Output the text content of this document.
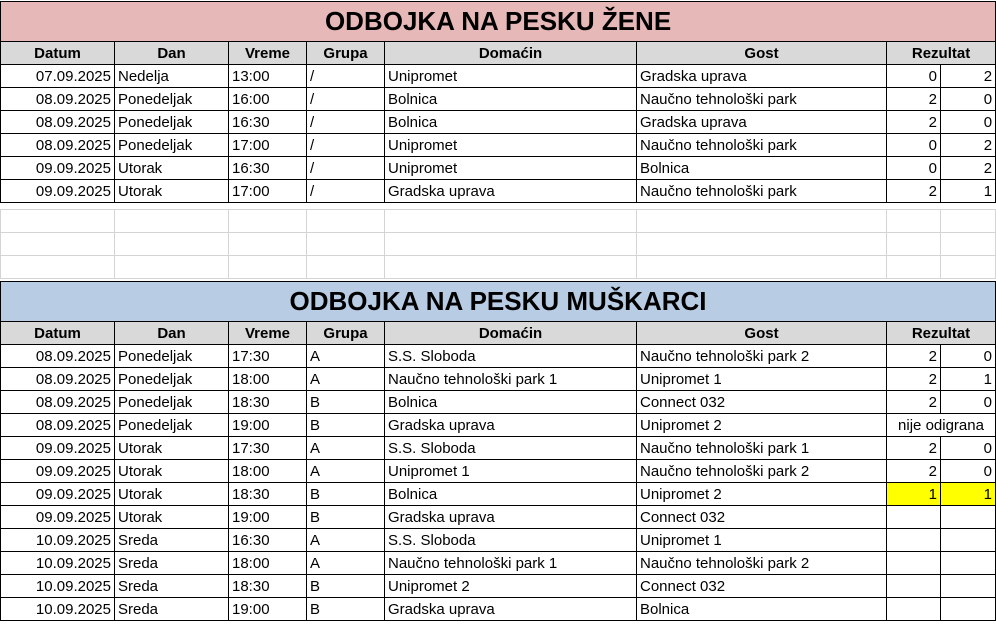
ODBOJKA NA PESKU ŽENE							
Datum	Dan	Vreme	Grupa	Domaćin	Gost	Rezultat	
07.09.2025	Nedelja	13:00	/	Unipromet	Gradska uprava	0	2
08.09.2025	Ponedeljak	16:00	/	Bolnica	Naučno tehnološki park	2	0
08.09.2025	Ponedeljak	16:30	/	Bolnica	Gradska uprava	2	0
08.09.2025	Ponedeljak	17:00	/	Unipromet	Naučno tehnološki park	0	2
09.09.2025	Utorak	16:30	/	Unipromet	Bolnica	0	2
09.09.2025	Utorak	17:00	/	Gradska uprava	Naučno tehnološki park	2	1

ODBOJKA NA PESKU MUŠKARCI							
Datum	Dan	Vreme	Grupa	Domaćin	Gost	Rezultat	
08.09.2025	Ponedeljak	17:30	A	S.S. Sloboda	Naučno tehnološki park 2	2	0
08.09.2025	Ponedeljak	18:00	A	Naučno tehnološki park 1	Unipromet 1	2	1
08.09.2025	Ponedeljak	18:30	B	Bolnica	Connect 032	2	0
08.09.2025	Ponedeljak	19:00	B	Gradska uprava	Unipromet 2	nije odigrana	
09.09.2025	Utorak	17:30	A	S.S. Sloboda	Naučno tehnološki park 1	2	0
09.09.2025	Utorak	18:00	A	Unipromet 1	Naučno tehnološki park 2	2	0
09.09.2025	Utorak	18:30	B	Bolnica	Unipromet 2	1	1
09.09.2025	Utorak	19:00	B	Gradska uprava	Connect 032		
10.09.2025	Sreda	16:30	A	S.S. Sloboda	Unipromet 1		
10.09.2025	Sreda	18:00	A	Naučno tehnološki park 1	Naučno tehnološki park 2		
10.09.2025	Sreda	18:30	B	Unipromet 2	Connect 032		
10.09.2025	Sreda	19:00	B	Gradska uprava	Bolnica		
